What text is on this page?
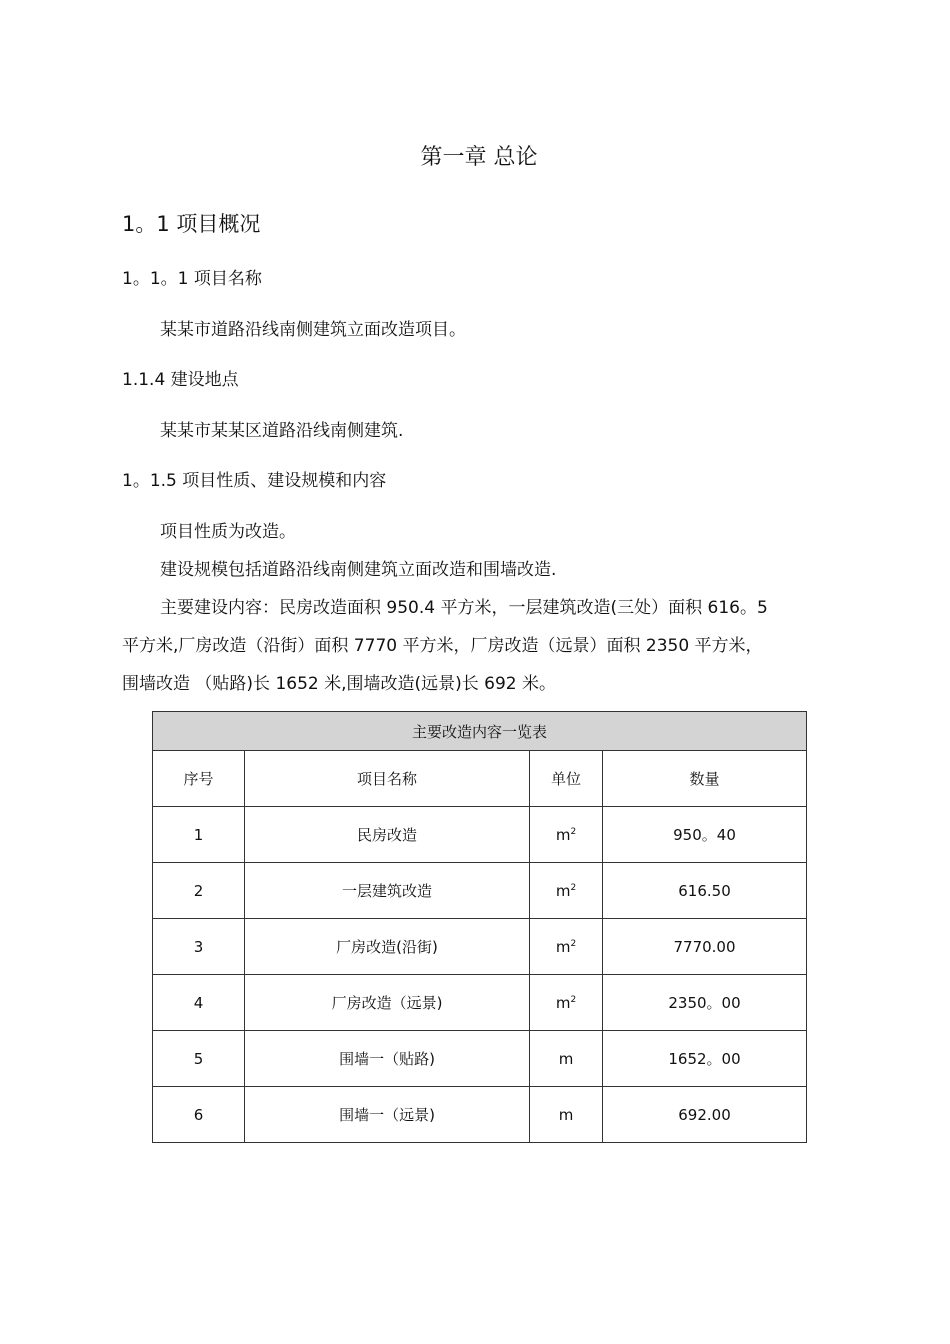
第一章 总论
1。1 项目概况
1。1。1 项目名称
某某市道路沿线南侧建筑立面改造项目。
1.1.4 建设地点
某某市某某区道路沿线南侧建筑.
1。1.5 项目性质、建设规模和内容
项目性质为改造。
建设规模包括道路沿线南侧建筑立面改造和围墙改造.
主要建设内容：民房改造面积 950.4 平方米，一层建筑改造(三处）面积 616。5
平方米,厂房改造（沿街）面积 7770 平方米，厂房改造（远景）面积 2350 平方米，
围墙改造 （贴路)长 1652 米,围墙改造(远景)长 692 米。
主要改造内容一览表			
序号	项目名称	单位	数量
1	民房改造	$m^2$	950。40
2	一层建筑改造	$m^2$	616.50
3	厂房改造(沿街)	$m^2$	7770.00
4	厂房改造（远景)	$m^2$	2350。00
5	围墙一（贴路)	m	1652。00
6	围墙一（远景)	m	692.00
